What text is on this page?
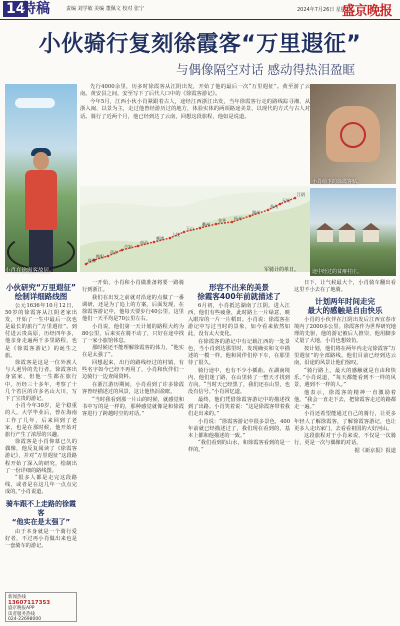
14
特稿	责编 刘学敏 美编 董佩文 校对 张宁	2024年7月26日 星期五
盛京晚报
小伙骑行复刻徐霞客“万里遐征”
与偶像隔空对话 感动得热泪盈眶
小肖在徐霞客故居。

先行4000余里，历多时徐霞客从江阴出发，开始了他的最后一次“万里遐征”。黄至游了云南。黄安县之间，安至写下了后代人口中的《徐霞客游记》。

今年5月，江西小伙小肖紧跟着古人，途经江西浙江出发，当年徐霞客行走的路线踪寻湘、从浙入闽、以景为主，走过他曾经游历过的地方，体验实体的两项路途美景，以现代的方式与古人对话。骑行了近两个月，他已经到达了云南，回想这段旅程，他如是说道。

小肖给下的徐霞客贴。
途中经过的贫瘠村庄。
江阴
无锡
苏州
湖州
杭州
金华
衢州
玉山
上饶
鹰潭
南昌
吉安
萍乡
衡阳
桂林
军骑计的单日。
小伙研究“万里遐征”
绘制详细路线图

公元1636年10月12日，50岁的徐霞客从江阴老家出发，开始了一生中最后一次也是最长的旅行“万里遐征”。到付进云贵高原，历经四年多，他亲身走遍两千多里路程，也是《徐霞客游记》的诞生之旅。

徐霞客是这是一位外族人与人迥异的先行者。徐霞客出身富家，但他一生都在旅行中。历经三十多年，考察了十几个省区的许多名山大川，写下了宝贵的游记。

小肖今年30岁，是个稳重的人。大学毕业后，曾在海南工作了几年，后来回到了老家，也是在那时候，他开始对旅行产生了浓厚的兴趣。

徐霞客是小肖仰慕已久的偶像，他反复阅读了《徐霞客游记》，并对“万里遐征”这段路程开始了深入的研究，绘制出了一份详细的路线图。

“很多人都是走完这段路线，或者是在这几年一点点完成的。”小肖说道。

骑车跟不上走路的徐霞客
“他实在是太强了”

由于本身就是一个骑行爱好者，不过再小肖做出来也是一套骑车的游记。

新闻热线
13607117353
盛京晚报APP
读者服务热线
024-22698000

一开始，小肖和小肖做准备将要一路骑行到浙江。

我们在出发之前就对沿途的点做了一番调研，还是为了追上的方案。后面发现，在徐霞客游记中，他每天要步行40公里，这里他们一天平均是70公里左右。

小肖说，他们第一天计划的路程大约为80公里，后来实在骑不动了，只好在途中找了一家小旅馆休息。

那时候还不能理解徐霞客的体力，“他实在是太强了”。

回想起来，出行的路线经过的村镇，有些名字如今已经不再用了，小肖和伙伴们一边骑行一边查阅资料。

在浙江游历期间，小肖看到了许多徐霞客曾经描述过的风景，这让他热泪盈眶。

“当时我看到那一片山的时候，就感觉和书中写的是一样的，那种感觉就像是和徐霞客进行了跨越时空的对话。”

形容不出来的美景
徐霞客400年前就描述了

6月初，小肖抵达湖南了江阴。进入江西，他们有些疲惫，此时路上一片绿意，映入眼帘的一片一片稻田。小肖说：徐霞客在游记中写过当时的景象，如今看来依然如此，没有太大变化。

在徐霞客的游记中有记载江西的一处景色，当小肖到达那里时，发现确实和文中描述的一模一样。他和同伴们停下车，在那里待了很久。

骑行途中，也有不少小插曲。在湖南境内，他们迷了路，在山里转了一整天才找到方向。“当时天已经黑了，我们还在山里，也没有信号。”小肖回忆道。

最终，他们凭借徐霞客游记中的描述找到了出路。小肖笑着说：“这是徐霞客带着我们走出来的。”

小肖说：“徐霞客游记中很多景色，400年前就已经描述过了，我们现在看到的，基本上都和他描述的一致。”

“我们看到的山水，和徐霞客看到的是一样的。”

日下，让气候最大个，小肖骑车翻出看这里不小去在了地骑。

计划两年时间走完
最大的感触是自由快乐

小肖的小伙伴在江阴出发后江西宜春市境内了2000多公里。徐霞客作为世界研究地理的先驱，他的游记被后人推崇，他用脚步丈量了大地，小肖也想效仿。

按计划，他们将在两年内走完徐霞客“万里遐征”的全部路线。他们目前已经到达云南，沿途的风景让他们惊叹。

“骑行路上，最大的感触就是自由和快乐。”小肖说道，“每天都能看到不一样的风景，遇到不一样的人。”

他表示，徐霞客的精神一直激励着他。“我会一直走下去，把徐霞客走过的路都走一遍。”

小肖还希望能通过自己的骑行，让更多年轻人了解徐霞客，了解徐霞客游记，也让更多人走出家门，去看看祖国的大好河山。

这段旅程对于小肖来说，不仅是一次骑行，更是一次与偶像的对话。

据《新京报》报道
